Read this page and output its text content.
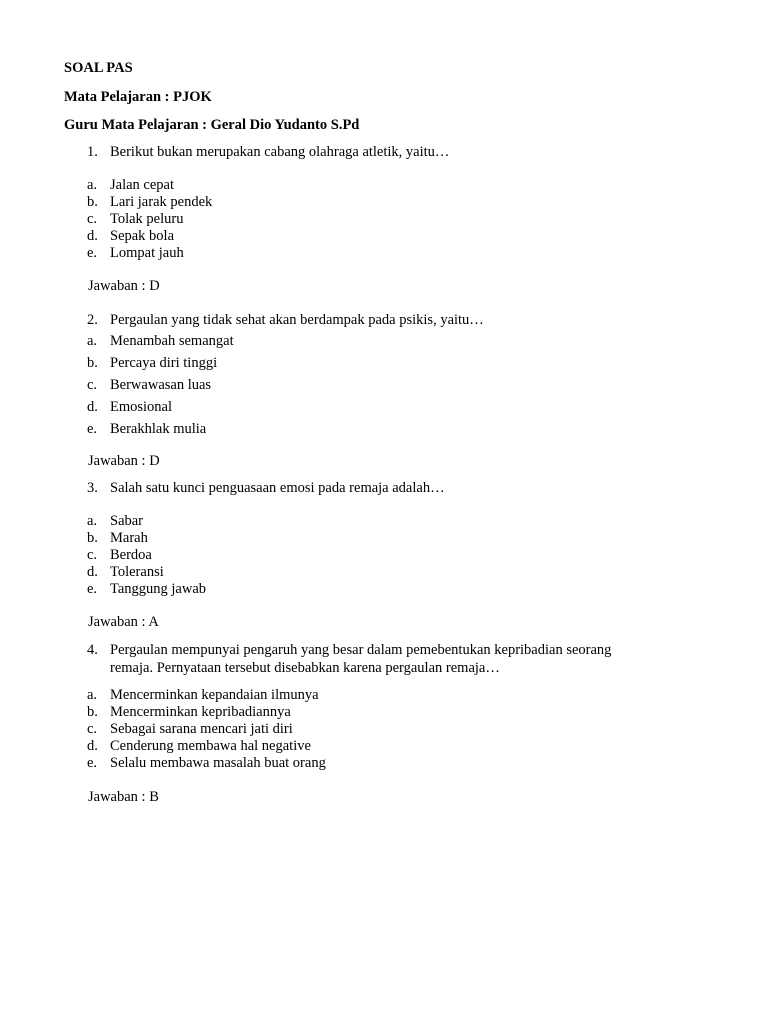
SOAL PAS
Mata Pelajaran : PJOK
Guru Mata Pelajaran : Geral Dio Yudanto S.Pd
1. Berikut bukan merupakan cabang olahraga atletik, yaitu…
a. Jalan cepat
b. Lari jarak pendek
c. Tolak peluru
d. Sepak bola
e. Lompat jauh
Jawaban : D
2. Pergaulan yang tidak sehat akan berdampak pada psikis, yaitu…
a. Menambah semangat
b. Percaya diri tinggi
c. Berwawasan luas
d. Emosional
e. Berakhlak mulia
Jawaban : D
3. Salah satu kunci penguasaan emosi pada remaja adalah…
a. Sabar
b. Marah
c. Berdoa
d. Toleransi
e. Tanggung jawab
Jawaban : A
4. Pergaulan mempunyai pengaruh yang besar dalam pemebentukan kepribadian seorang
remaja. Pernyataan tersebut disebabkan karena pergaulan remaja…
a. Mencerminkan kepandaian ilmunya
b. Mencerminkan kepribadiannya
c. Sebagai sarana mencari jati diri
d. Cenderung membawa hal negative
e. Selalu membawa masalah buat orang
Jawaban : B
